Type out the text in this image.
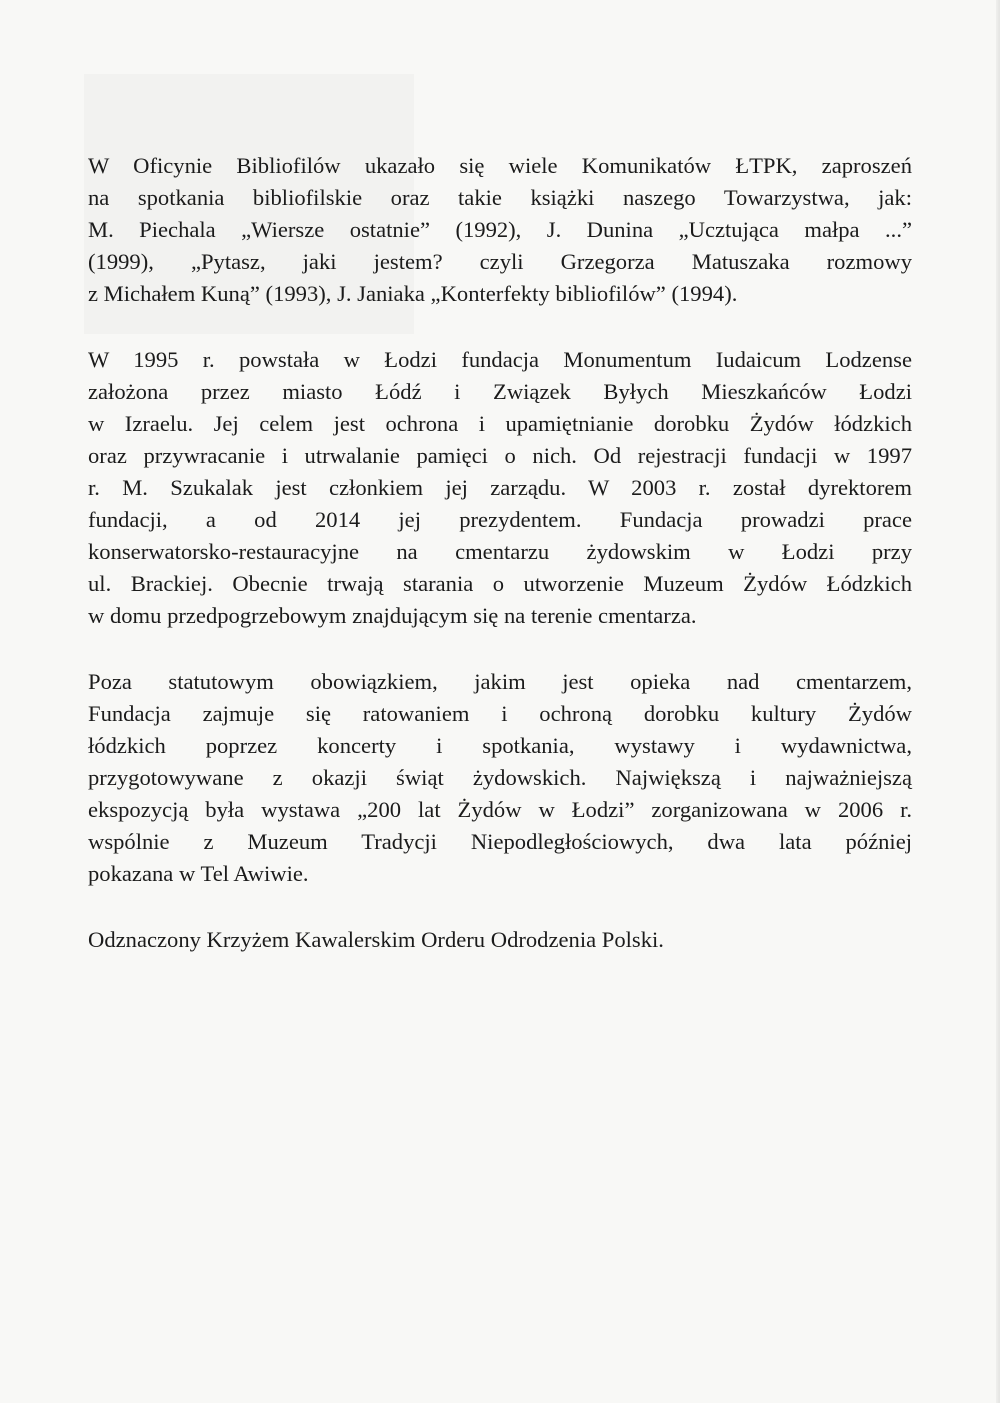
W Oficynie Bibliofilów ukazało się wiele Komunikatów ŁTPK, zaproszeń
na spotkania bibliofilskie oraz takie książki naszego Towarzystwa, jak:
M. Piechala „Wiersze ostatnie” (1992), J. Dunina „Ucztująca małpa ...”
(1999), „Pytasz, jaki jestem? czyli Grzegorza Matuszaka rozmowy
z Michałem Kuną” (1993), J. Janiaka „Konterfekty bibliofilów” (1994).

W 1995 r. powstała w Łodzi fundacja Monumentum Iudaicum Lodzense
założona przez miasto Łódź i Związek Byłych Mieszkańców Łodzi
w Izraelu. Jej celem jest ochrona i upamiętnianie dorobku Żydów łódzkich
oraz przywracanie i utrwalanie pamięci o nich. Od rejestracji fundacji w 1997
r. M. Szukalak jest członkiem jej zarządu. W 2003 r. został dyrektorem
fundacji, a od 2014 jej prezydentem. Fundacja prowadzi prace
konserwatorsko-restauracyjne na cmentarzu żydowskim w Łodzi przy
ul. Brackiej. Obecnie trwają starania o utworzenie Muzeum Żydów Łódzkich
w domu przedpogrzebowym znajdującym się na terenie cmentarza.

Poza statutowym obowiązkiem, jakim jest opieka nad cmentarzem,
Fundacja zajmuje się ratowaniem i ochroną dorobku kultury Żydów
łódzkich poprzez koncerty i spotkania, wystawy i wydawnictwa,
przygotowywane z okazji świąt żydowskich. Największą i najważniejszą
ekspozycją była wystawa „200 lat Żydów w Łodzi” zorganizowana w 2006 r.
wspólnie z Muzeum Tradycji Niepodległościowych, dwa lata później
pokazana w Tel Awiwie.

Odznaczony Krzyżem Kawalerskim Orderu Odrodzenia Polski.
